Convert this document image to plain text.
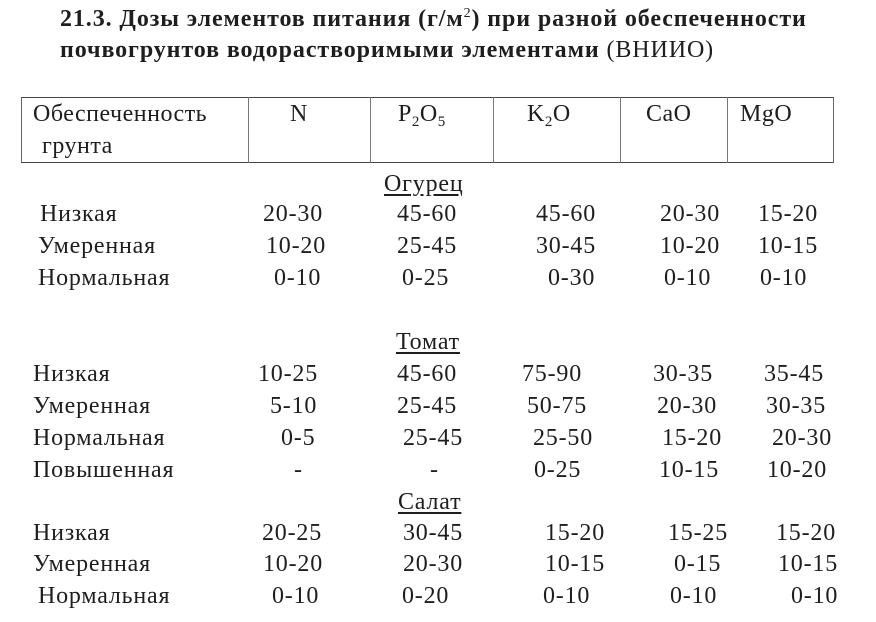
21.3. Дозы элементов питания $(г/м^2)$ при разной обеспеченности
почвогрунтов водорастворимыми элементами (ВНИИО)
Обеспеченность
грунта
N	$P_2O_5$	$K_2O$	CaO MgO
Огурец
Низкая	20-30	45-60	45-60	20-30 15-20
Умеренная	10-20	25-45	30-45	10-20 10-15
Нормальная	0-10	0-25	0-30	0-10 0-10
Томат
Низкая	10-25	45-60	75-90	30-35 35-45
Умеренная	5-10	25-45	50-75	20-30 30-35
Нормальная	0-5	25-45	25-50	15-20 20-30
Повышенная	-	-	0-25	10-15 10-20
Салат
Низкая	20-25	30-45	15-20	15-25 15-20
Умеренная	10-20	20-30	10-15	0-15 10-15
Нормальная	0-10	0-20	0-10	0-10	0-10
